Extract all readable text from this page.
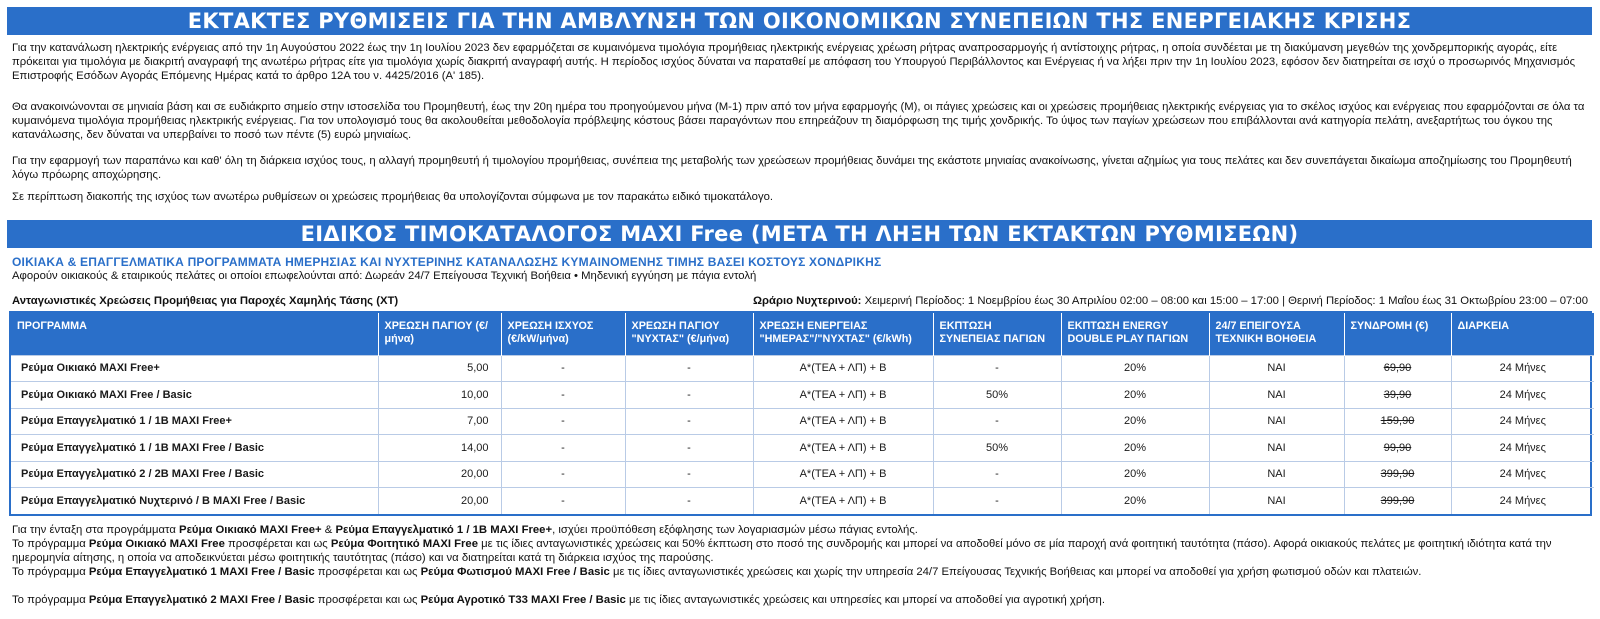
ΕΚΤΑΚΤΕΣ ΡΥΘΜΙΣΕΙΣ ΓΙΑ ΤΗΝ ΑΜΒΛΥΝΣΗ ΤΩΝ ΟΙΚΟΝΟΜΙΚΩΝ ΣΥΝΕΠΕΙΩΝ ΤΗΣ ΕΝΕΡΓΕΙΑΚΗΣ ΚΡΙΣΗΣ

Για την κατανάλωση ηλεκτρικής ενέργειας από την 1η Αυγούστου 2022 έως την 1η Ιουλίου 2023 δεν εφαρμόζεται σε κυμαινόμενα τιμολόγια προμήθειας ηλεκτρικής ενέργειας χρέωση ρήτρας αναπροσαρμογής ή αντίστοιχης ρήτρας, η οποία συνδέεται με τη διακύμανση μεγεθών της χονδρεμπορικής αγοράς, είτε πρόκειται για τιμολόγια με διακριτή αναγραφή της ανωτέρω ρήτρας είτε για τιμολόγια χωρίς διακριτή αναγραφή αυτής. Η περίοδος ισχύος δύναται να παραταθεί με απόφαση του Υπουργού Περιβάλλοντος και Ενέργειας ή να λήξει πριν την 1η Ιουλίου 2023, εφόσον δεν διατηρείται σε ισχύ ο προσωρινός Μηχανισμός Επιστροφής Εσόδων Αγοράς Επόμενης Ημέρας κατά το άρθρο 12Α του ν. 4425/2016 (Α' 185).

Θα ανακοινώνονται σε μηνιαία βάση και σε ευδιάκριτο σημείο στην ιστοσελίδα του Προμηθευτή, έως την 20η ημέρα του προηγούμενου μήνα (Μ-1) πριν από τον μήνα εφαρμογής (Μ), οι πάγιες χρεώσεις και οι χρεώσεις προμήθειας ηλεκτρικής ενέργειας για το σκέλος ισχύος και ενέργειας που εφαρμόζονται σε όλα τα κυμαινόμενα τιμολόγια προμήθειας ηλεκτρικής ενέργειας. Για τον υπολογισμό τους θα ακολουθείται μεθοδολογία πρόβλεψης κόστους βάσει παραγόντων που επηρεάζουν τη διαμόρφωση της τιμής χονδρικής. Το ύψος των παγίων χρεώσεων που επιβάλλονται ανά κατηγορία πελάτη, ανεξαρτήτως του όγκου της κατανάλωσης, δεν δύναται να υπερβαίνει το ποσό των πέντε (5) ευρώ μηνιαίως.

Για την εφαρμογή των παραπάνω και καθ' όλη τη διάρκεια ισχύος τους, η αλλαγή προμηθευτή ή τιμολογίου προμήθειας, συνέπεια της μεταβολής των χρεώσεων προμήθειας δυνάμει της εκάστοτε μηνιαίας ανακοίνωσης, γίνεται αζημίως για τους πελάτες και δεν συνεπάγεται δικαίωμα αποζημίωσης του Προμηθευτή λόγω πρόωρης αποχώρησης.

Σε περίπτωση διακοπής της ισχύος των ανωτέρω ρυθμίσεων οι χρεώσεις προμήθειας θα υπολογίζονται σύμφωνα με τον παρακάτω ειδικό τιμοκατάλογο.

ΕΙΔΙΚΟΣ ΤΙΜΟΚΑΤΑΛΟΓΟΣ MAXI Free (ΜΕΤΑ ΤΗ ΛΗΞΗ ΤΩΝ ΕΚΤΑΚΤΩΝ ΡΥΘΜΙΣΕΩΝ)
ΟΙΚΙΑΚΑ & ΕΠΑΓΓΕΛΜΑΤΙΚΑ ΠΡΟΓΡΑΜΜΑΤΑ ΗΜΕΡΗΣΙΑΣ ΚΑΙ ΝΥΧΤΕΡΙΝΗΣ ΚΑΤΑΝΑΛΩΣΗΣ ΚΥΜΑΙΝΟΜΕΝΗΣ ΤΙΜΗΣ ΒΑΣΕΙ ΚΟΣΤΟΥΣ ΧΟΝΔΡΙΚΗΣ
Αφορούν οικιακούς & εταιρικούς πελάτες οι οποίοι επωφελούνται από: Δωρεάν 24/7 Επείγουσα Τεχνική Βοήθεια • Μηδενική εγγύηση με πάγια εντολή
Ανταγωνιστικές Χρεώσεις Προμήθειας για Παροχές Χαμηλής Τάσης (ΧΤ)	Ωράριο Νυχτερινού: Χειμερινή Περίοδος: 1 Νοεμβρίου έως 30 Απριλίου 02:00 – 08:00 και 15:00 – 17:00 | Θερινή Περίοδος: 1 Μαΐου έως 31 Οκτωβρίου 23:00 – 07:00
ΠΡΟΓΡΑΜΜΑ	ΧΡΕΩΣΗ ΠΑΓΙΟΥ (€/μήνα)	ΧΡΕΩΣΗ ΙΣΧΥΟΣ (€/kW/μήνα)	ΧΡΕΩΣΗ ΠΑΓΙΟΥ "ΝΥΧΤΑΣ" (€/μήνα)	ΧΡΕΩΣΗ ΕΝΕΡΓΕΙΑΣ "ΗΜΕΡΑΣ"/"ΝΥΧΤΑΣ" (€/kWh)	ΕΚΠΤΩΣΗ ΣΥΝΕΠΕΙΑΣ ΠΑΓΙΩΝ	ΕΚΠΤΩΣΗ ENERGY DOUBLE PLAY ΠΑΓΙΩΝ	24/7 ΕΠΕΙΓΟΥΣΑ ΤΕΧΝΙΚΗ ΒΟΗΘΕΙΑ	ΣΥΝΔΡΟΜΗ (€)	ΔΙΑΡΚΕΙΑ
Ρεύμα Οικιακό MAXI Free+	5,00	-	-	Α*(ΤΕΑ + ΛΠ) + Β	-	20%	ΝΑΙ	69,90	24 Μήνες
Ρεύμα Οικιακό MAXI Free / Basic	10,00	-	-	Α*(ΤΕΑ + ΛΠ) + Β	50%	20%	ΝΑΙ	39,90	24 Μήνες
Ρεύμα Επαγγελματικό 1 / 1Β MAXI Free+	7,00	-	-	Α*(ΤΕΑ + ΛΠ) + Β	-	20%	ΝΑΙ	159,90	24 Μήνες
Ρεύμα Επαγγελματικό 1 / 1Β MAXI Free / Basic	14,00	-	-	Α*(ΤΕΑ + ΛΠ) + Β	50%	20%	ΝΑΙ	99,90	24 Μήνες
Ρεύμα Επαγγελματικό 2 / 2Β MAXI Free / Basic	20,00	-	-	Α*(ΤΕΑ + ΛΠ) + Β	-	20%	ΝΑΙ	399,90	24 Μήνες
Ρεύμα Επαγγελματικό Νυχτερινό / Β MAXI Free / Basic	20,00	-	-	Α*(ΤΕΑ + ΛΠ) + Β	-	20%	ΝΑΙ	399,90	24 Μήνες

Για την ένταξη στα προγράμματα Ρεύμα Οικιακό MAXI Free+ & Ρεύμα Επαγγελματικό 1 / 1Β MAXI Free+, ισχύει προϋπόθεση εξόφλησης των λογαριασμών μέσω πάγιας εντολής.

Το πρόγραμμα Ρεύμα Οικιακό MAXI Free προσφέρεται και ως Ρεύμα Φοιτητικό MAXI Free με τις ίδιες ανταγωνιστικές χρεώσεις και 50% έκπτωση στο ποσό της συνδρομής και μπορεί να αποδοθεί μόνο σε μία παροχή ανά φοιτητική ταυτότητα (πάσο). Αφορά οικιακούς πελάτες με φοιτητική ιδιότητα κατά την ημερομηνία αίτησης, η οποία να αποδεικνύεται μέσω φοιτητικής ταυτότητας (πάσο) και να διατηρείται κατά τη διάρκεια ισχύος της παρούσης.

Το πρόγραμμα Ρεύμα Επαγγελματικό 1 MAXI Free / Basic προσφέρεται και ως Ρεύμα Φωτισμού MAXI Free / Basic με τις ίδιες ανταγωνιστικές χρεώσεις και χωρίς την υπηρεσία 24/7 Επείγουσας Τεχνικής Βοήθειας και μπορεί να αποδοθεί για χρήση φωτισμού οδών και πλατειών.

Το πρόγραμμα Ρεύμα Επαγγελματικό 2 MAXI Free / Basic προσφέρεται και ως Ρεύμα Αγροτικό Τ33 MAXI Free / Basic με τις ίδιες ανταγωνιστικές χρεώσεις και υπηρεσίες και μπορεί να αποδοθεί για αγροτική χρήση.
